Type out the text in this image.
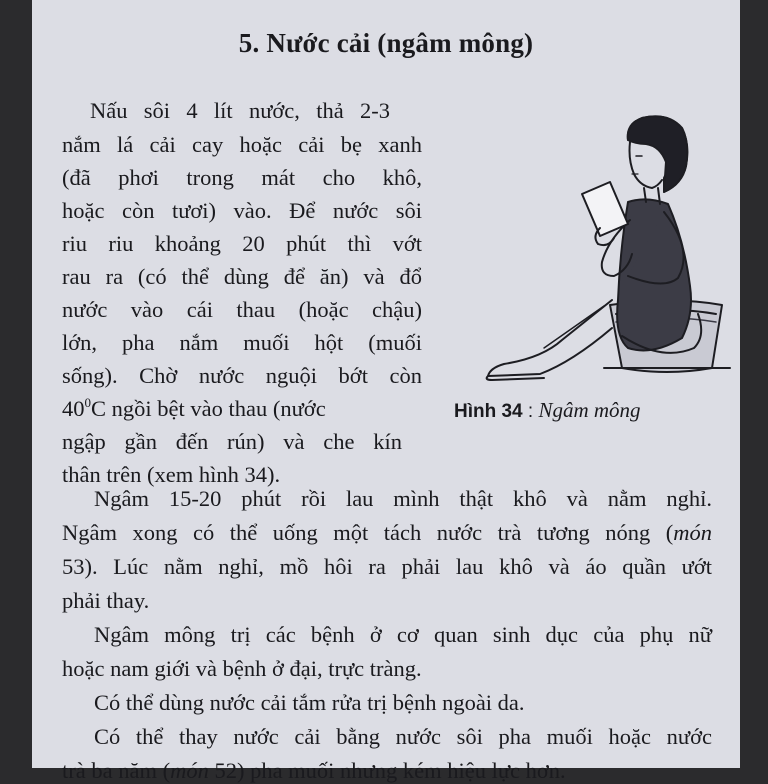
5. Nước cải (ngâm mông)
Nấu sôi 4 lít nước, thả 2-3
nắm lá cải cay hoặc cải bẹ xanh
(đã phơi trong mát cho khô,
hoặc còn tươi) vào. Để nước sôi
riu riu khoảng 20 phút thì vớt
rau ra (có thể dùng để ăn) và đổ
nước vào cái thau (hoặc chậu)
lớn, pha nắm muối hột (muối
sống). Chờ nước nguội bớt còn
$40^0C$ ngồi bệt vào thau (nước
ngập gần đến rún) và che kín
thân trên (xem hình 34).
Hình 34 : Ngâm mông
Ngâm 15-20 phút rồi lau mình thật khô và nằm nghỉ.
Ngâm xong có thể uống một tách nước trà tương nóng (món
53). Lúc nằm nghỉ, mồ hôi ra phải lau khô và áo quần ướt
phải thay.
Ngâm mông trị các bệnh ở cơ quan sinh dục của phụ nữ
hoặc nam giới và bệnh ở đại, trực tràng.
Có thể dùng nước cải tắm rửa trị bệnh ngoài da.
Có thể thay nước cải bằng nước sôi pha muối hoặc nước
trà ba năm (món 52) pha muối nhưng kém hiệu lực hơn.
